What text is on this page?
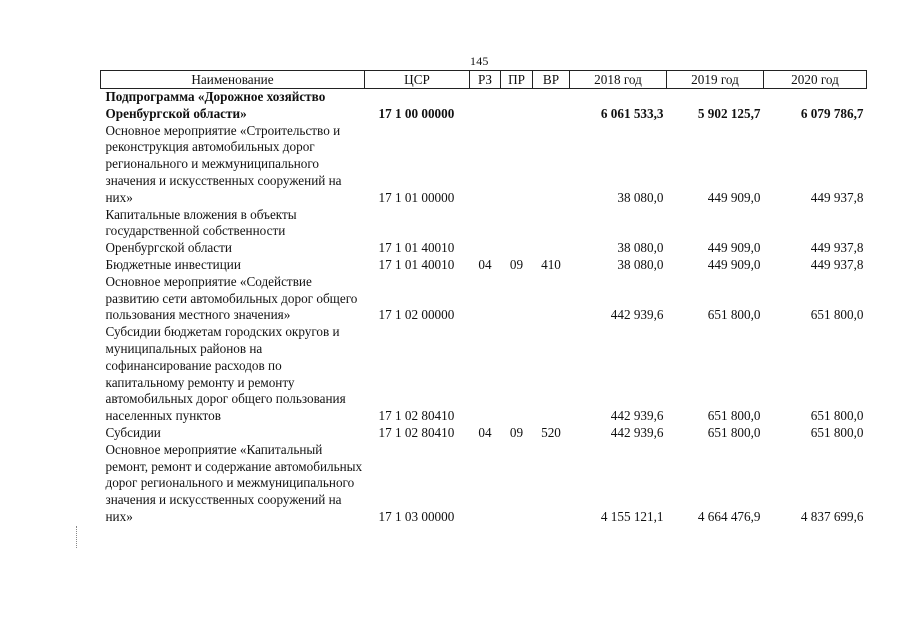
145
Наименование	ЦСР	РЗ	ПР	ВР	2018 год	2019 год	2020 год
Подпрограмма «Дорожное хозяйство Оренбургской области»	17 1 00 00000				6 061 533,3	5 902 125,7	6 079 786,7
Основное мероприятие «Строительство и реконструкция автомобильных дорог регионального и межмуниципального значения и искусственных сооружений на них»	17 1 01 00000				38 080,0	449 909,0	449 937,8
Капитальные вложения в объекты государственной собственности Оренбургской области	17 1 01 40010				38 080,0	449 909,0	449 937,8
Бюджетные инвестиции	17 1 01 40010	04	09	410	38 080,0	449 909,0	449 937,8
Основное мероприятие «Содействие развитию сети автомобильных дорог общего пользования местного значения»	17 1 02 00000				442 939,6	651 800,0	651 800,0
Субсидии бюджетам городских округов и муниципальных районов на софинансирование расходов по капитальному ремонту и ремонту автомобильных дорог общего пользования населенных пунктов	17 1 02 80410				442 939,6	651 800,0	651 800,0
Субсидии	17 1 02 80410	04	09	520	442 939,6	651 800,0	651 800,0
Основное мероприятие «Капитальный ремонт, ремонт и содержание автомобильных дорог регионального и межмуниципального значения и искусственных сооружений на них»	17 1 03 00000				4 155 121,1	4 664 476,9	4 837 699,6
